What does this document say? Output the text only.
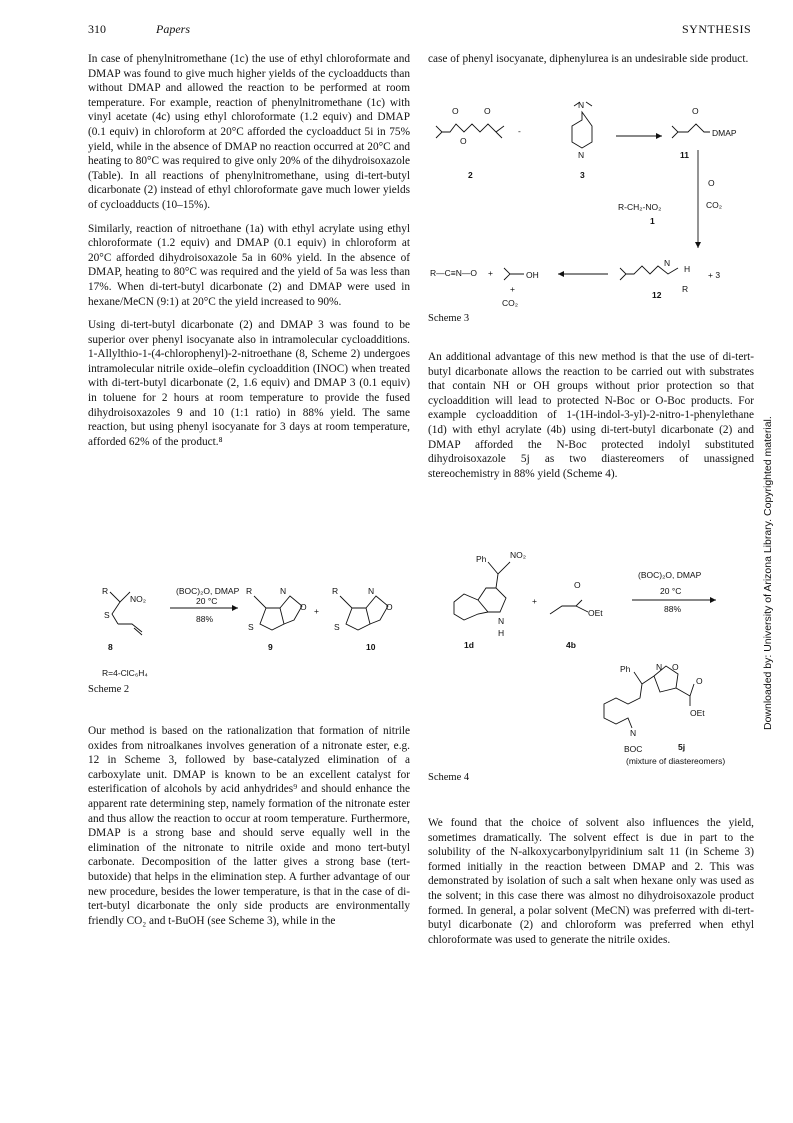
310	Papers	SYNTHESIS

In case of phenylnitromethane (1c) the use of ethyl chloroformate and DMAP was found to give much higher yields of the cycloadducts than without DMAP and allowed the reaction to be performed at room temperature. For example, reaction of phenylnitromethane (1c) with vinyl acetate (4c) using ethyl chloroformate (1.2 equiv) and DMAP (0.1 equiv) in chloroform at 20°C afforded the cycloadduct 5i in 75% yield, while in the absence of DMAP no reaction occurred at 20°C and heating to 80°C was required to give only 20% of the dihydroisoxazole (Table). In all reactions of phenylnitromethane, using di-tert-butyl dicarbonate (2) instead of ethyl chloroformate gave much lower yields of cycloadducts (10–15%).

Similarly, reaction of nitroethane (1a) with ethyl acrylate using ethyl chloroformate (1.2 equiv) and DMAP (0.1 equiv) in chloroform at 20°C afforded dihydroisoxazole 5a in 60% yield. In the absence of DMAP, heating to 80°C was required and the yield of 5a was less than 17%. When di-tert-butyl dicarbonate (2) and DMAP were used in hexane/MeCN (9:1) at 20°C the yield increased to 90%.

Using di-tert-butyl dicarbonate (2) and DMAP 3 was found to be superior over phenyl isocyanate also in intramolecular cycloadditions. 1-Allylthio-1-(4-chlorophenyl)-2-nitroethane (8, Scheme 2) undergoes intramolecular nitrile oxide–olefin cycloaddition (INOC) when treated with di-tert-butyl dicarbonate (2, 1.6 equiv) and DMAP 3 (0.1 equiv) in toluene for 2 hours at room temperature to provide the fused dihydroisoxazoles 9 and 10 (1:1 ratio) in 88% yield. The same reaction, but using phenyl isocyanate for 3 days at room temperature, afforded 62% of the product.⁸

R
NO₂
S
8
R=4-ClC₆H₄
(BOC)₂O, DMAP
20 °C
88%
R	N
O
S
9
+
R	N
O
S
10
Scheme 2

Our method is based on the rationalization that formation of nitrile oxides from nitroalkanes involves generation of a nitronate ester, e.g. 12 in Scheme 3, followed by base-catalyzed elimination of a carboxylate unit. DMAP is known to be an excellent catalyst for esterification of alcohols by acid anhydrides⁹ and should enhance the apparent rate determining step, namely formation of the nitronate ester and thus allow the reaction to occur at room temperature. Furthermore, DMAP is a strong base and should serve equally well in the elimination of the nitronate to nitrile oxide and mono tert-butyl carbonate. Decomposition of the latter gives a strong base (tert-butoxide) that helps in the elimination step. A further advantage of our new procedure, besides the lower temperature, is that in the case of di-tert-butyl dicarbonate the only side products are environmentally friendly CO₂ and t-BuOH (see Scheme 3), while in the

case of phenyl isocyanate, diphenylurea is an undesirable side product.

O	O
O
2
-
N
N
3
O
DMAP
11
R-CH₂-NO₂
1
O
CO₂
R—C≡N—O +	OH
+
CO₂
N
H
R
+ 3
12
Scheme 3

An additional advantage of this new method is that the use of di-tert-butyl dicarbonate allows the reaction to be carried out with substrates that contain NH or OH groups without prior protection so that cycloaddition will lead to protected N-Boc or O-Boc products. For example cycloaddition of 1-(1H-indol-3-yl)-2-nitro-1-phenylethane (1d) with ethyl acrylate (4b) using di-tert-butyl dicarbonate (2) and DMAP afforded the N-Boc protected indolyl substituted dihydroisoxazole 5j as two diastereomers of unassigned stereochemistry in 88% yield (Scheme 4).

Ph	NO₂
N
H
1d
+
O
OEt
4b
(BOC)₂O, DMAP
20 °C
88%
Ph	N O
O
OEt
N
BOC	5j
(mixture of diastereomers)
Scheme 4

We found that the choice of solvent also influences the yield, sometimes dramatically. The solvent effect is due in part to the solubility of the N-alkoxycarbonylpyridinium salt 11 (in Scheme 3) formed initially in the reaction between DMAP and 2. This was demonstrated by isolation of such a salt when hexane only was used as the solvent; in this case there was almost no dihydroisoxazole product formed. In general, a polar solvent (MeCN) was preferred with di-tert-butyl dicarbonate (2) and chloroform was preferred when ethyl chloroformate was used to generate the nitrile oxides.

Downloaded by: University of Arizona Library. Copyrighted material.
